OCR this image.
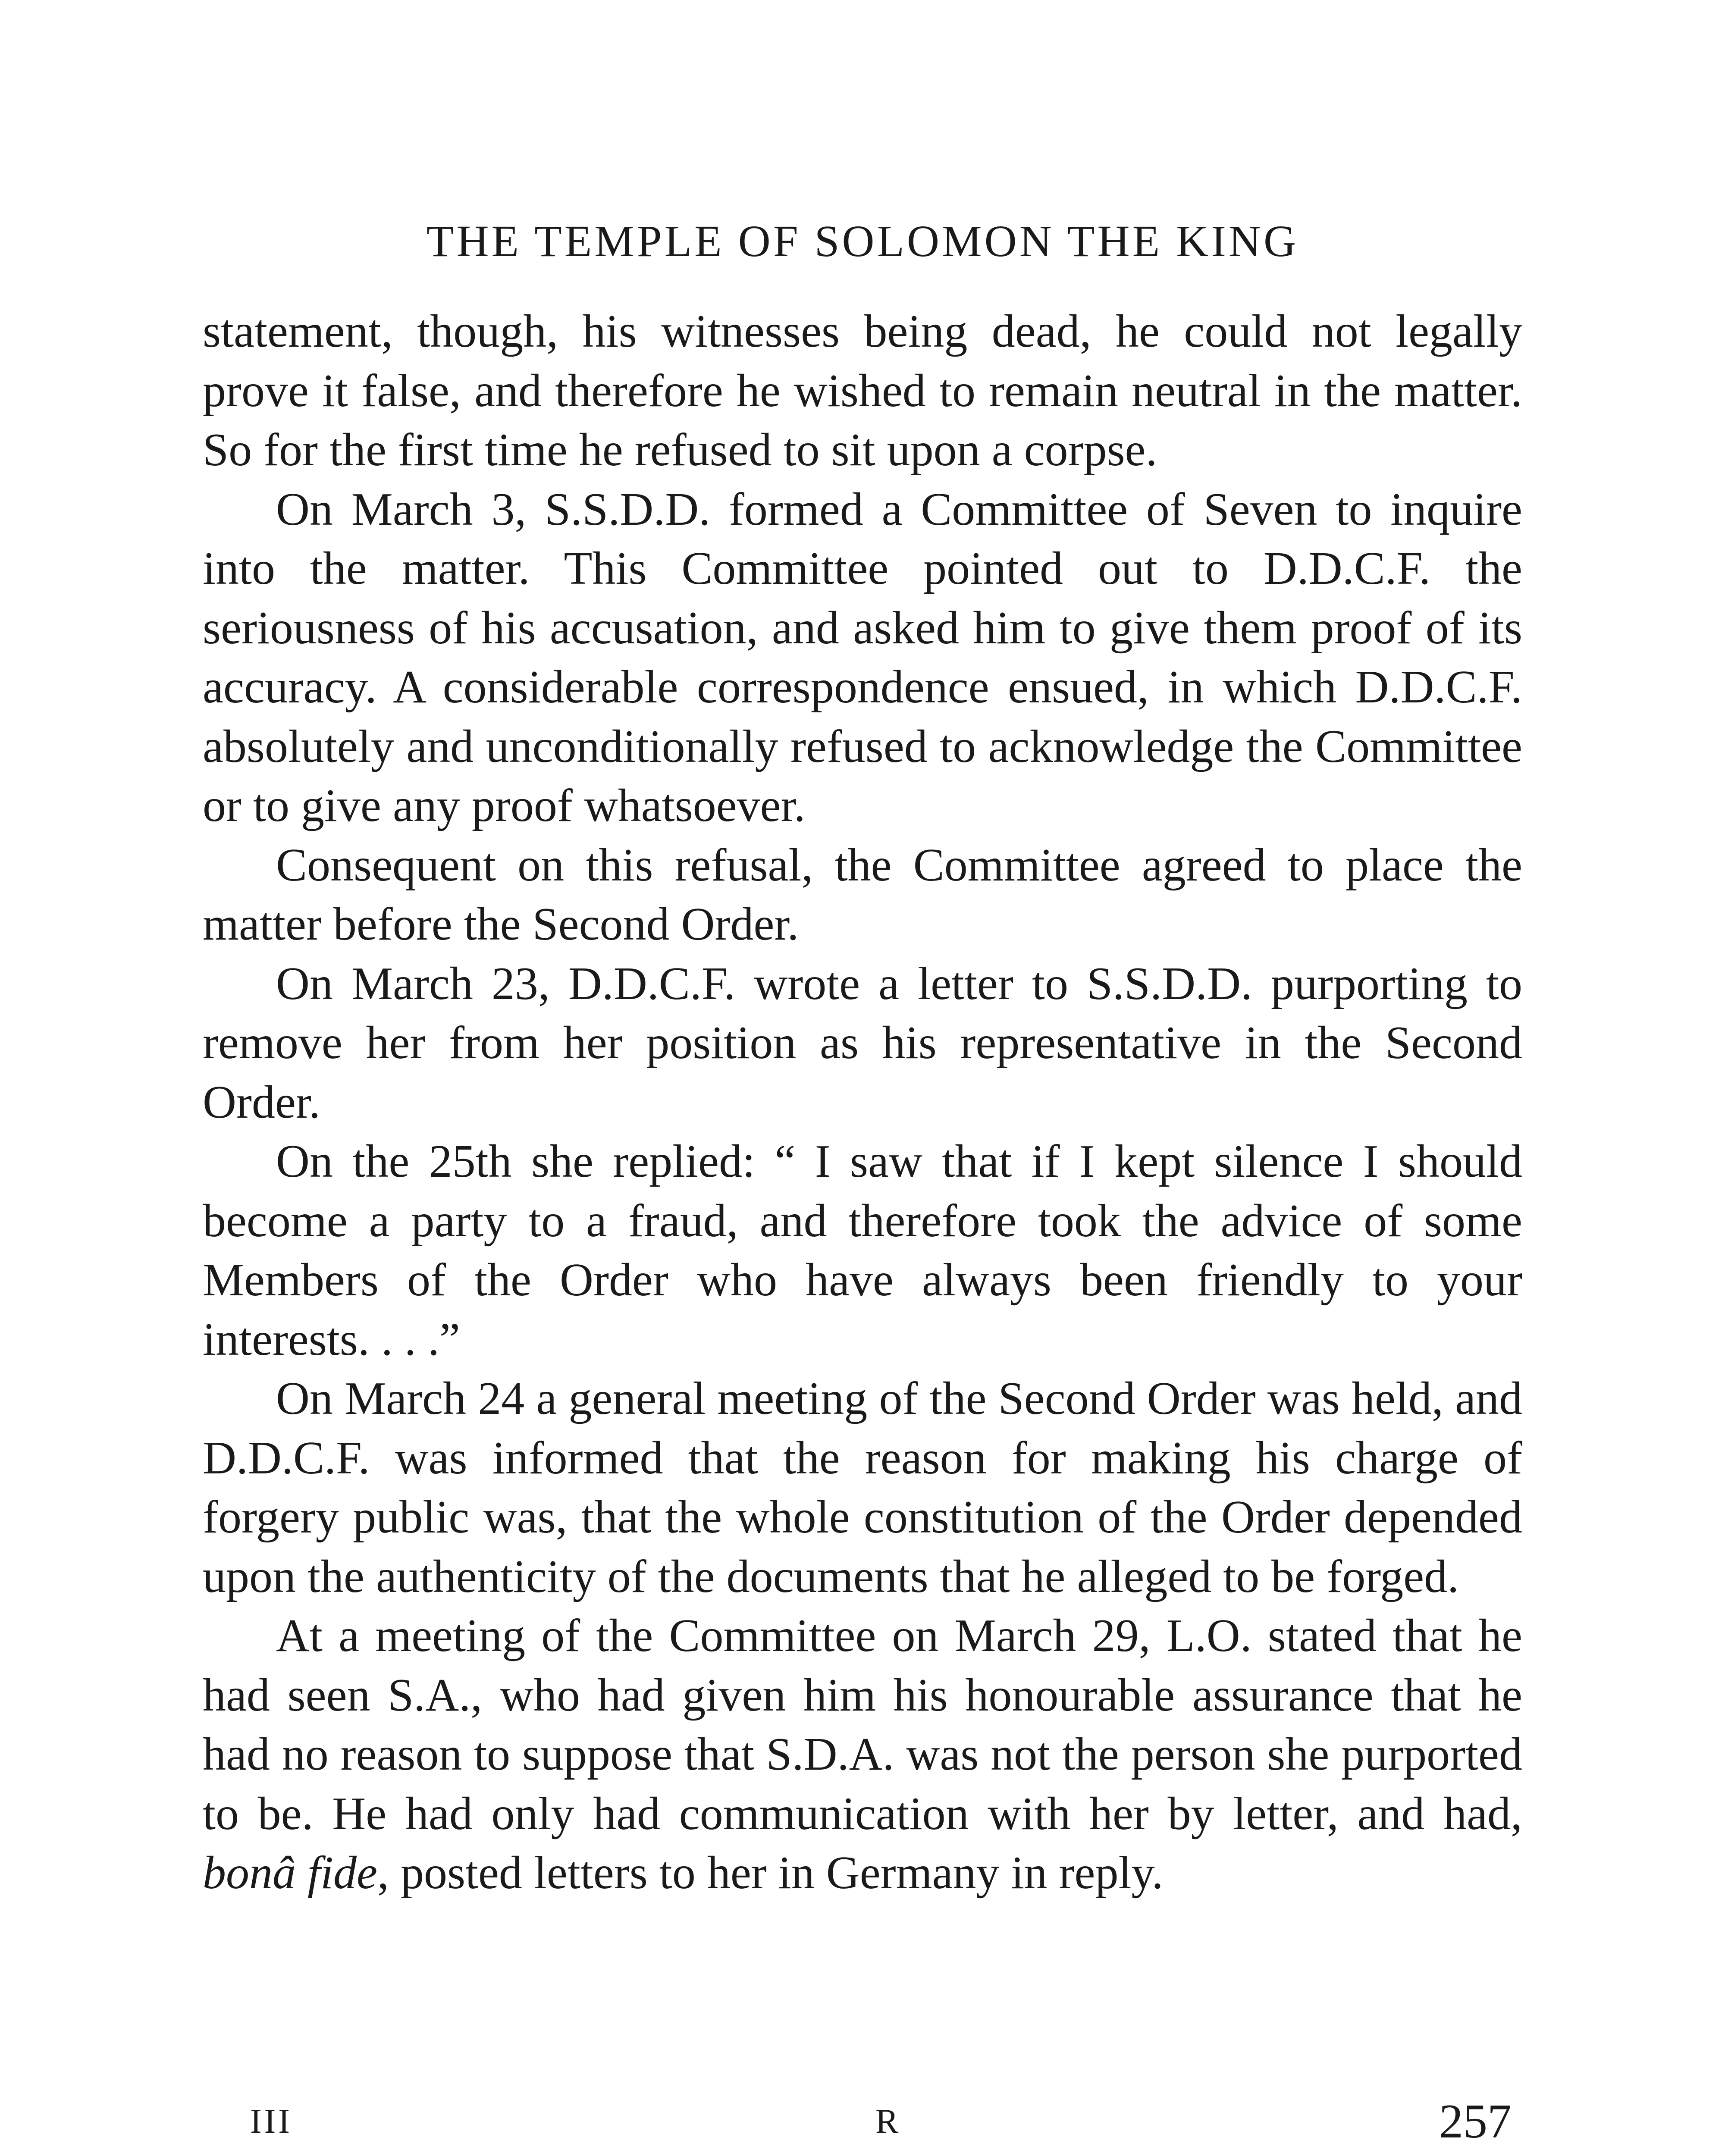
THE TEMPLE OF SOLOMON THE KING

statement, though, his witnesses being dead, he could not legally prove it false, and therefore he wished to remain neutral in the matter. So for the first time he refused to sit upon a corpse.

On March 3, S.S.D.D. formed a Committee of Seven to inquire into the matter. This Committee pointed out to D.D.C.F. the seriousness of his accusation, and asked him to give them proof of its accuracy. A considerable correspondence ensued, in which D.D.C.F. absolutely and unconditionally refused to acknowledge the Committee or to give any proof whatsoever.

Consequent on this refusal, the Committee agreed to place the matter before the Second Order.

On March 23, D.D.C.F. wrote a letter to S.S.D.D. purporting to remove her from her position as his representative in the Second Order.

On the 25th she replied: “ I saw that if I kept silence I should become a party to a fraud, and therefore took the advice of some Members of the Order who have always been friendly to your interests. . . .”

On March 24 a general meeting of the Second Order was held, and D.D.C.F. was informed that the reason for making his charge of forgery public was, that the whole constitution of the Order depended upon the authenticity of the documents that he alleged to be forged.

At a meeting of the Committee on March 29, L.O. stated that he had seen S.A., who had given him his honourable assurance that he had no reason to suppose that S.D.A. was not the person she purported to be. He had only had communication with her by letter, and had, bonâ fide, posted letters to her in Germany in reply.

III	R	257
